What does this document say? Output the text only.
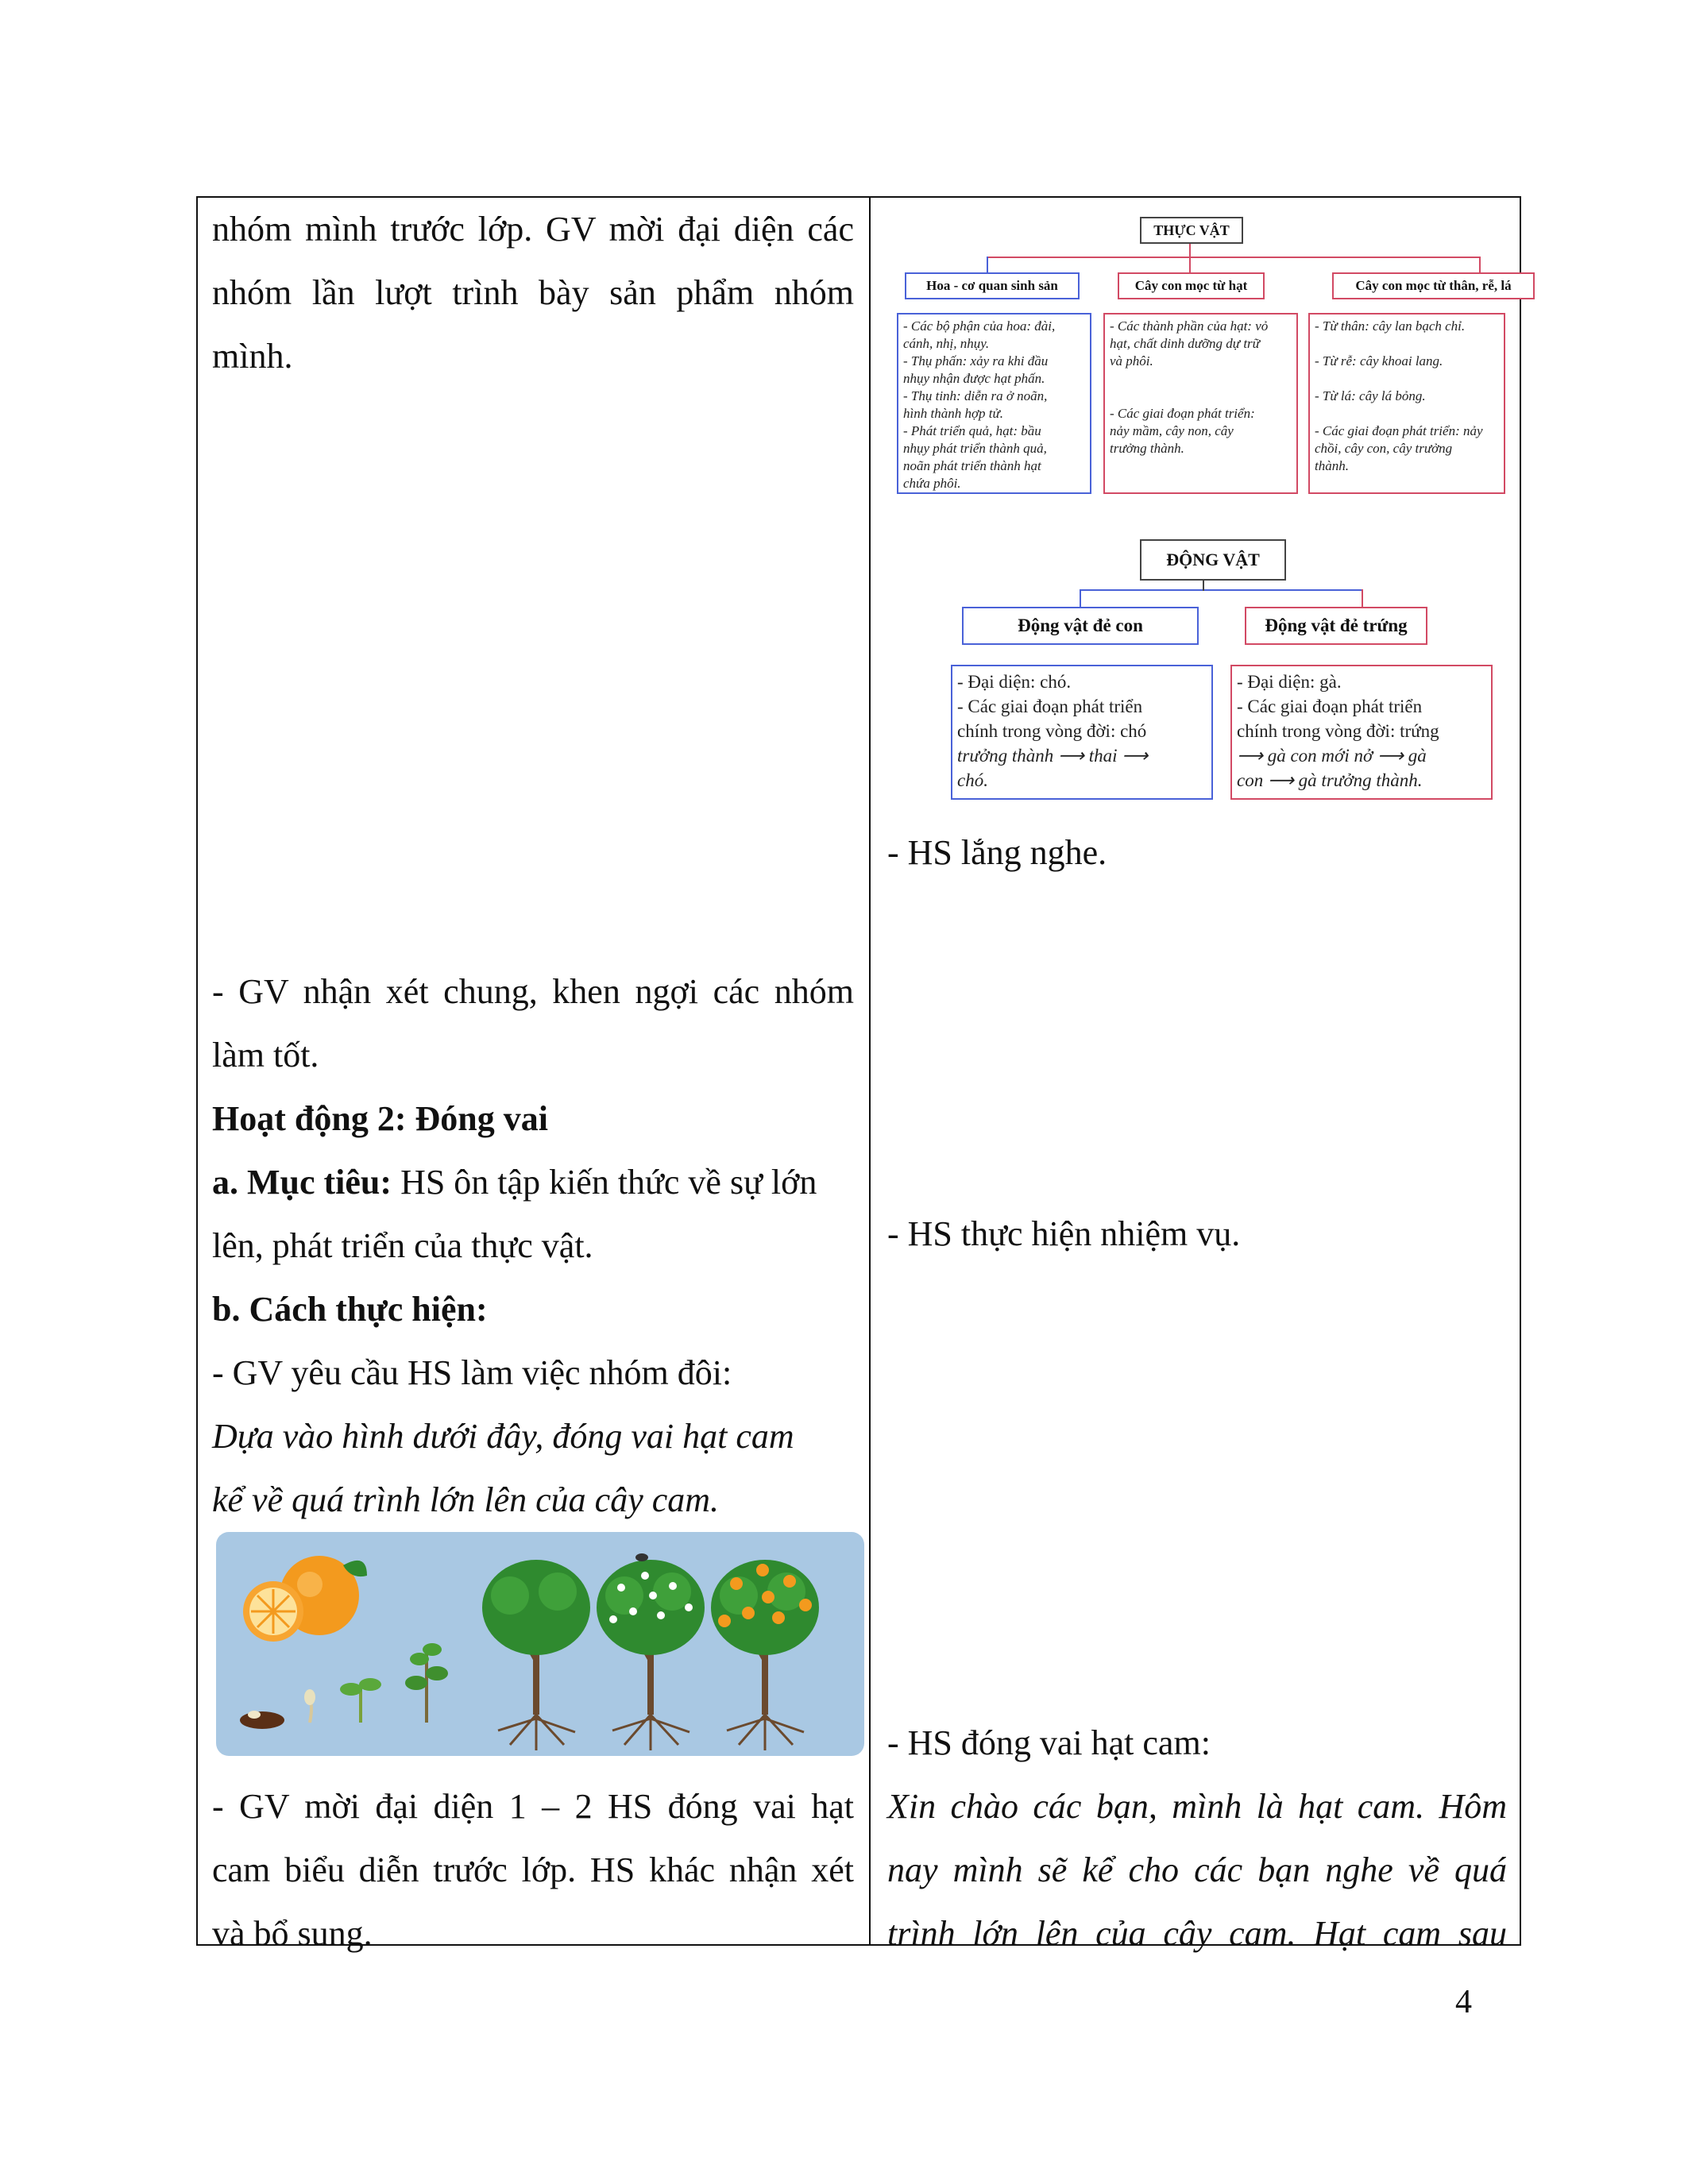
nhóm mình trước lớp. GV mời đại diện các

nhóm lần lượt trình bày sản phẩm nhóm

mình.

- GV nhận xét chung, khen ngợi các nhóm

làm tốt.

Hoạt động 2: Đóng vai

a. Mục tiêu: HS ôn tập kiến thức về sự lớn

lên, phát triển của thực vật.

b. Cách thực hiện:

- GV yêu cầu HS làm việc nhóm đôi:

Dựa vào hình dưới đây, đóng vai hạt cam

kể về quá trình lớn lên của cây cam.

- GV mời đại diện 1 – 2 HS đóng vai hạt

cam biểu diễn trước lớp. HS khác nhận xét

và bổ sung.

THỰC VẬT
Hoa - cơ quan sinh sản	Cây con mọc từ hạt	Cây con mọc từ thân, rễ, lá
- Các bộ phận của hoa: đài,
cánh, nhị, nhụy.
- Thụ phấn: xảy ra khi đầu
nhụy nhận được hạt phấn.
- Thụ tinh: diễn ra ở noãn,
hình thành hợp tử.
- Phát triển quả, hạt: bầu
nhụy phát triển thành quả,
noãn phát triển thành hạt
chứa phôi.
- Các thành phần của hạt: vỏ
hạt, chất dinh dưỡng dự trữ
và phôi.
- Các giai đoạn phát triển:
nảy mầm, cây non, cây
trưởng thành.
- Từ thân: cây lan bạch chỉ.
- Từ rễ: cây khoai lang.
- Từ lá: cây lá bỏng.
- Các giai đoạn phát triển: nảy
chồi, cây con, cây trưởng
thành.
ĐỘNG VẬT
Động vật đẻ con	Động vật đẻ trứng
- Đại diện: chó.
- Các giai đoạn phát triển
chính trong vòng đời: chó
trưởng thành ⟶ thai ⟶
chó.
- Đại diện: gà.
- Các giai đoạn phát triển
chính trong vòng đời: trứng
⟶ gà con mới nở ⟶ gà
con ⟶ gà trưởng thành.

- HS lắng nghe.

- HS thực hiện nhiệm vụ.

- HS đóng vai hạt cam:

Xin chào các bạn, mình là hạt cam. Hôm

nay mình sẽ kể cho các bạn nghe về quá

trình lớn lên của cây cam. Hạt cam sau

4
